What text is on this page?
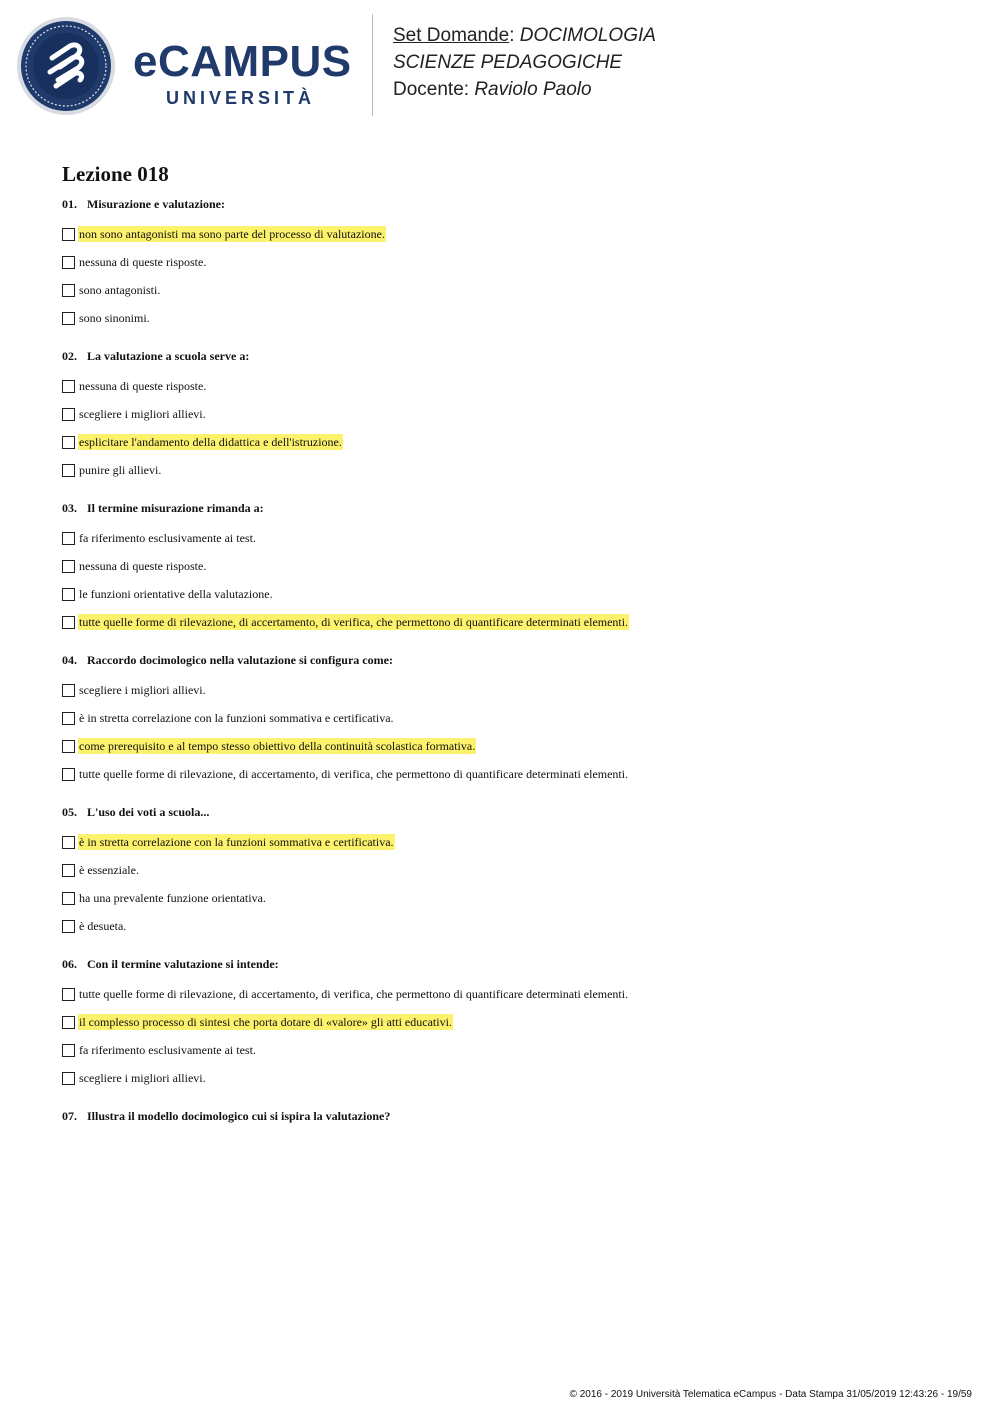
eCAMPUS
UNIVERSITÀ
Set Domande: DOCIMOLOGIA
SCIENZE PEDAGOGICHE
Docente: Raviolo Paolo
Lezione 018
01. Misurazione e valutazione:
non sono antagonisti ma sono parte del processo di valutazione.
nessuna di queste risposte.
sono antagonisti.
sono sinonimi.
02. La valutazione a scuola serve a:
nessuna di queste risposte.
scegliere i migliori allievi.
esplicitare l'andamento della didattica e dell'istruzione.
punire gli allievi.
03. Il termine misurazione rimanda a:
fa riferimento esclusivamente ai test.
nessuna di queste risposte.
le funzioni orientative della valutazione.
tutte quelle forme di rilevazione, di accertamento, di verifica, che permettono di quantificare determinati elementi.
04. Raccordo docimologico nella valutazione si configura come:
scegliere i migliori allievi.
è in stretta correlazione con la funzioni sommativa e certificativa.
come prerequisito e al tempo stesso obiettivo della continuità scolastica formativa.
tutte quelle forme di rilevazione, di accertamento, di verifica, che permettono di quantificare determinati elementi.
05. L'uso dei voti a scuola...
è in stretta correlazione con la funzioni sommativa e certificativa.
è essenziale.
ha una prevalente funzione orientativa.
è desueta.
06. Con il termine valutazione si intende:
tutte quelle forme di rilevazione, di accertamento, di verifica, che permettono di quantificare determinati elementi.
il complesso processo di sintesi che porta dotare di «valore» gli atti educativi.
fa riferimento esclusivamente ai test.
scegliere i migliori allievi.
07. Illustra il modello docimologico cui si ispira la valutazione?
© 2016 - 2019 Università Telematica eCampus - Data Stampa 31/05/2019 12:43:26 - 19/59
